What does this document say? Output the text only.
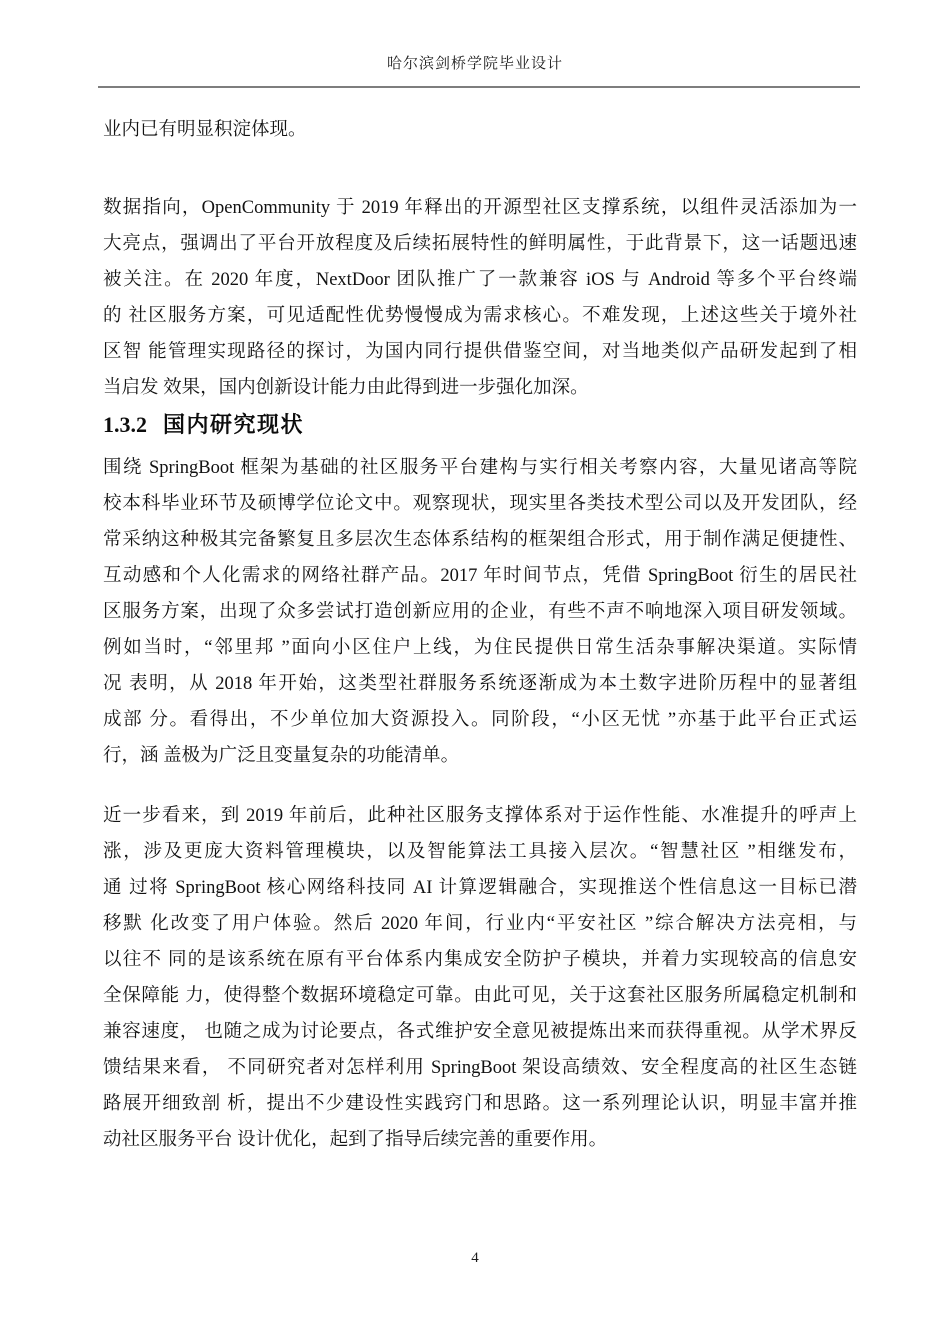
哈尔滨剑桥学院毕业设计
业内已有明显积淀体现。
数据指向，OpenCommunity 于 2019 年释出的开源型社区支撑系统，以组件灵活添加为一
大亮点，强调出了平台开放程度及后续拓展特性的鲜明属性，于此背景下，这一话题迅速
被关注。在 2020 年度，NextDoor 团队推广了一款兼容 iOS 与 Android 等多个平台终端
的 社区服务方案，可见适配性优势慢慢成为需求核心。不难发现，上述这些关于境外社
区智 能管理实现路径的探讨，为国内同行提供借鉴空间，对当地类似产品研发起到了相
当启发 效果，国内创新设计能力由此得到进一步强化加深。
1.3.2 国内研究现状
围绕 SpringBoot 框架为基础的社区服务平台建构与实行相关考察内容，大量见诸高等院
校本科毕业环节及硕博学位论文中。观察现状，现实里各类技术型公司以及开发团队，经
常采纳这种极其完备繁复且多层次生态体系结构的框架组合形式，用于制作满足便捷性、
互动感和个人化需求的网络社群产品。2017 年时间节点，凭借 SpringBoot 衍生的居民社
区服务方案，出现了众多尝试打造创新应用的企业，有些不声不响地深入项目研发领域。
例如当时，“邻里邦 ”面向小区住户上线，为住民提供日常生活杂事解决渠道。实际情
况 表明，从 2018 年开始，这类型社群服务系统逐渐成为本土数字进阶历程中的显著组
成部 分。看得出，不少单位加大资源投入。同阶段，“小区无忧 ”亦基于此平台正式运
行，涵 盖极为广泛且变量复杂的功能清单。
近一步看来，到 2019 年前后，此种社区服务支撑体系对于运作性能、水准提升的呼声上
涨，涉及更庞大资料管理模块，以及智能算法工具接入层次。“智慧社区 ”相继发布，
通 过将 SpringBoot 核心网络科技同 AI 计算逻辑融合，实现推送个性信息这一目标已潜
移默 化改变了用户体验。然后 2020 年间，行业内“平安社区 ”综合解决方法亮相，与
以往不 同的是该系统在原有平台体系内集成安全防护子模块，并着力实现较高的信息安
全保障能 力，使得整个数据环境稳定可靠。由此可见，关于这套社区服务所属稳定机制和
兼容速度， 也随之成为讨论要点，各式维护安全意见被提炼出来而获得重视。从学术界反
馈结果来看， 不同研究者对怎样利用 SpringBoot 架设高绩效、安全程度高的社区生态链
路展开细致剖 析，提出不少建设性实践窍门和思路。这一系列理论认识，明显丰富并推
动社区服务平台 设计优化，起到了指导后续完善的重要作用。
4
